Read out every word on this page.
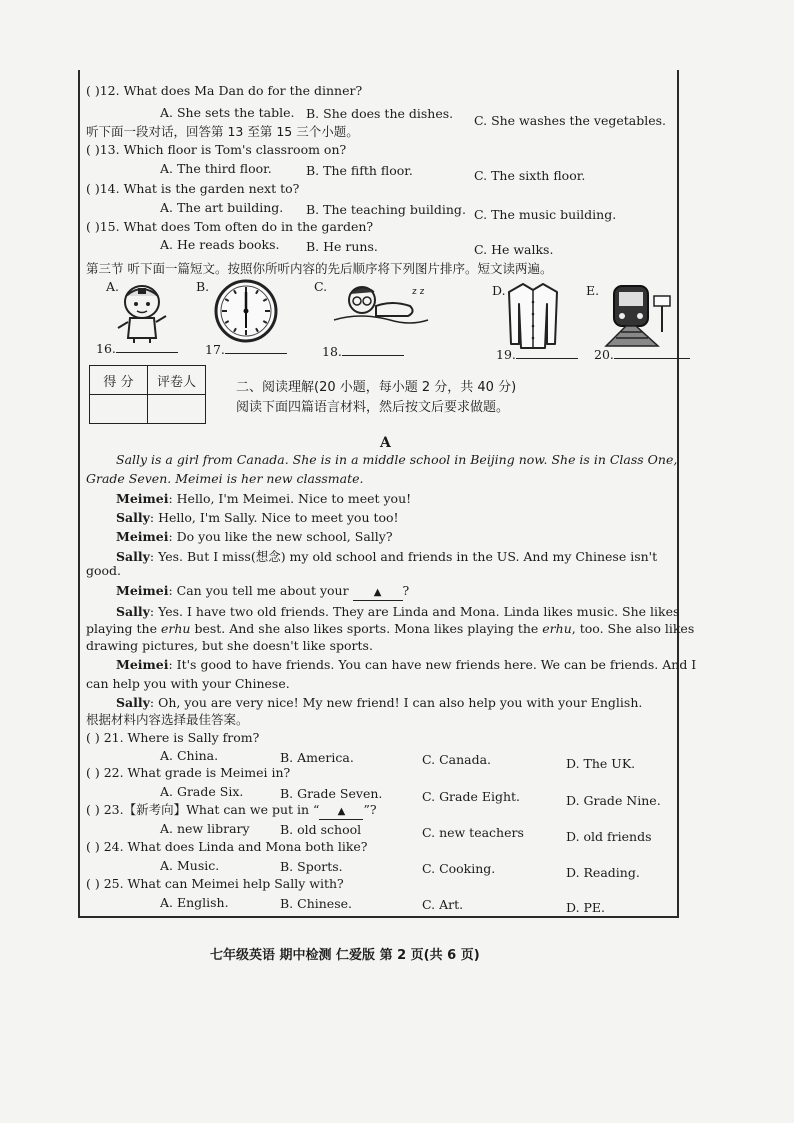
( )12. What does Ma Dan do for the dinner?
A. She sets the table. B. She does the dishes. C. She washes the vegetables.
听下面一段对话，回答第 13 至第 15 三个小题。
( )13. Which floor is Tom's classroom on?
A. The third floor.	B. The fifth floor.	C. The sixth floor.
( )14. What is the garden next to?
A. The art building. B. The teaching building. C. The music building.
( )15. What does Tom often do in the garden?
A. He reads books. B. He runs.	C. He walks.
第三节 听下面一篇短文。按照你所听内容的先后顺序将下列图片排序。短文读两遍。
A.	B.	C.	D.	E.
z z
16.	17.	18.	19.	20.
得 分	评卷人
		二、阅读理解(20 小题，每小题 2 分，共 40 分)
阅读下面四篇语言材料，然后按文后要求做题。
A
Sally is a girl from Canada. She is in a middle school in Beijing now. She is in Class One,
Grade Seven. Meimei is her new classmate.
Meimei: Hello, I'm Meimei. Nice to meet you!
Sally: Hello, I'm Sally. Nice to meet you too!
Meimei: Do you like the new school, Sally?
Sally: Yes. But I miss(想念) my old school and friends in the US. And my Chinese isn't
good.
Meimei: Can you tell me about your	▲ ?
Sally: Yes. I have two old friends. They are Linda and Mona. Linda likes music. She likes
playing the erhu best. And she also likes sports. Mona likes playing the erhu, too. She also likes
drawing pictures, but she doesn't like sports.
Meimei: It's good to have friends. You can have new friends here. We can be friends. And I
can help you with your Chinese.
Sally: Oh, you are very nice! My new friend! I can also help you with your English.
根据材料内容选择最佳答案。
( ) 21. Where is Sally from?
A. China.	B. America.	C. Canada.	D. The UK.
( ) 22. What grade is Meimei in?
A. Grade Six.	B. Grade Seven.	C. Grade Eight.	D. Grade Nine.
( ) 23.【新考向】What can we put in “ ▲ ”?
A. new library B. old school	C. new teachers	D. old friends
( ) 24. What does Linda and Mona both like?
A. Music.	B. Sports.	C. Cooking.	D. Reading.
( ) 25. What can Meimei help Sally with?
A. English.	B. Chinese.	C. Art.	D. PE.
七年级英语 期中检测 仁爱版 第 2 页(共 6 页)
